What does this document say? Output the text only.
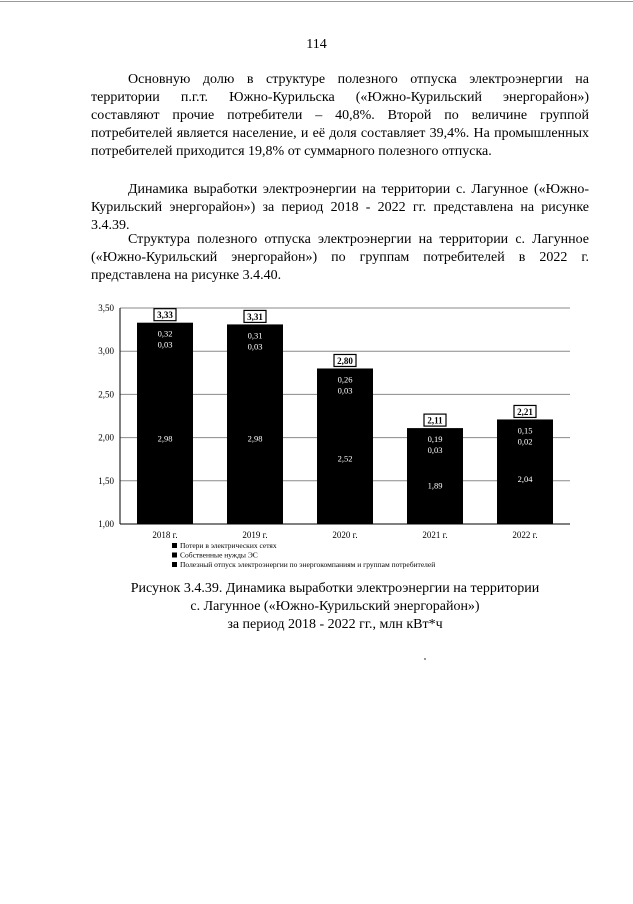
114

Основную долю в структуре полезного отпуска электроэнергии на территории п.г.т. Южно-Курильска («Южно-Курильский энергорайон») составляют прочие потребители – 40,8%. Второй по величине группой потребителей является население, и её доля составляет 39,4%. На промышленных потребителей приходится 19,8% от суммарного полезного отпуска.

Динамика выработки электроэнергии на территории с. Лагунное («Южно-Курильский энергорайон») за период 2018 - 2022 гг. представлена на рисунке 3.4.39.

Структура полезного отпуска электроэнергии на территории с. Лагунное («Южно-Курильский энергорайон») по группам потребителей в 2022 г. представлена на рисунке 3.4.40.

1,00
1,50
2,00
2,50
3,00
3,50
2018 г.
3,33
2,98
0,32
0,03
2019 г.
3,31
2,98
0,31
0,03
2020 г.
2,80
2,52
0,26
0,03
2021 г.
2,11
1,89
0,19
0,03
2022 г.
2,21
2,04
0,15
0,02
Потери в электрических сетях
Собственные нужды ЭС
Полезный отпуск электроэнергии по энергокомпаниям и группам потребителей
Рисунок 3.4.39. Динамика выработки электроэнергии на территории
с. Лагунное («Южно-Курильский энергорайон»)
за период 2018 - 2022 гг., млн кВт*ч
